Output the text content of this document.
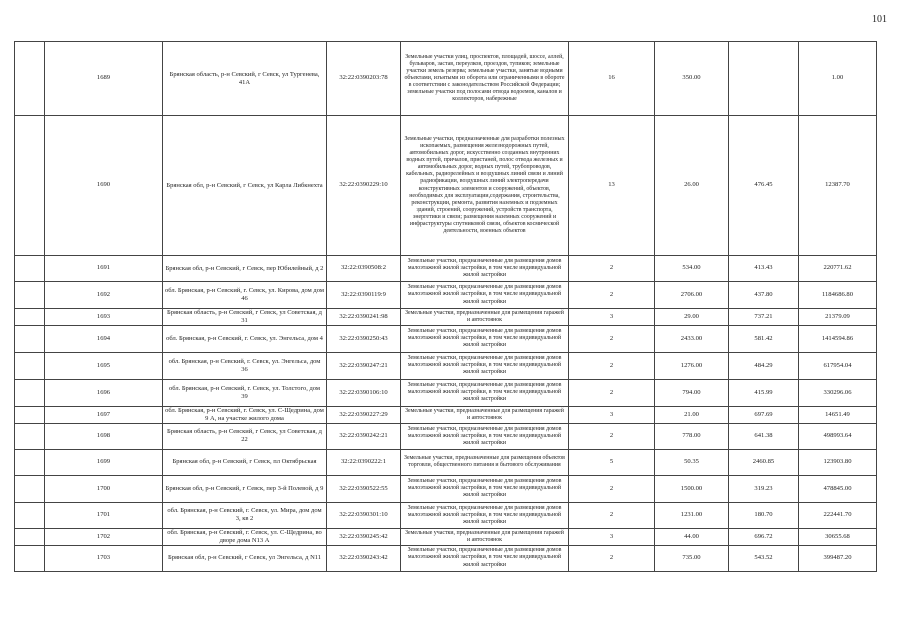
101
	1689	Брянская область, р-н Севский, г Севск, ул Тургенева, 41А	32:22:0390203:78	Земельные участки улиц, проспектов, площадей, шоссе, аллей, бульваров, застав, переулков, проездов, тупиков; земельные участки земель резерва; земельные участки, занятые водными объектами, изъятыми из оборота или ограниченными в обороте в соответствии с законодательством Российской Федерации; земельные участки под полосами отвода водоемов, каналов и коллекторов, набережные	16	350.00		1.00
	1690	Брянская обл, р-н Севский, г Севск, ул Карла Либкнехта	32:22:0390229:10	Земельные участки, предназначенные для разработки полезных ископаемых, размещения железнодорожных путей, автомобильных дорог, искусственно созданных внутренних водных путей, причалов, пристаней, полос отвода железных и автомобильных дорог, водных путей, трубопроводов, кабельных, радиорелейных и воздушных линий связи и линий радиофикации, воздушных линий электропередачи конструктивных элементов и сооружений, объектов, необходимых для эксплуатации,содержания, строительства, реконструкции, ремонта, развития наземных и подземных зданий, строений, сооружений, устройств транспорта, энергетики и связи; размещения наземных сооружений и инфраструктуры спутниковой связи, объектов космической деятельности, военных объектов	13	26.00	476.45	12387.70
	1691	Брянская обл, р-н Севский, г Севск, пер Юбилейный, д 2	32:22:0390508:2	Земельные участки, предназначенные для размещения домов малоэтажной жилой застройки, в том числе индивидуальной жилой застройки	2	534.00	413.43	220771.62
	1692	обл. Брянская, р-н Севский, г. Севск, ул. Кирова, дом дом 46	32:22:0390119:9	Земельные участки, предназначенные для размещения домов малоэтажной жилой застройки, в том числе индивидуальной жилой застройки	2	2706.00	437.80	1184686.80
	1693	Брянская область, р-н Севский, г Севск, ул Советская, д 31	32:22:0390241:98	Земельные участки, предназначенные для размещения гаражей и автостоянок	3	29.00	737.21	21379.09
	1694	обл. Брянская, р-н Севский, г. Севск, ул. Энгельса, дом 4	32:22:0390250:43	Земельные участки, предназначенные для размещения домов малоэтажной жилой застройки, в том числе индивидуальной жилой застройки	2	2433.00	581.42	1414594.86
	1695	обл. Брянская, р-н Севский, г. Севск, ул. Энгельса, дом 36	32:22:0390247:21	Земельные участки, предназначенные для размещения домов малоэтажной жилой застройки, в том числе индивидуальной жилой застройки	2	1276.00	484.29	617954.04
	1696	обл. Брянская, р-н Севский, г. Севск, ул. Толстого, дом 39	32:22:0390106:10	Земельные участки, предназначенные для размещения домов малоэтажной жилой застройки, в том числе индивидуальной жилой застройки	2	794.00	415.99	330296.06
	1697	обл. Брянская, р-н Севский, г. Севск, ул. С-Щедрина, дом 9 А, на участке жилого дома	32:22:0390227:29	Земельные участки, предназначенные для размещения гаражей и автостоянок	3	21.00	697.69	14651.49
	1698	Брянская область, р-н Севский, г Севск, ул Советская, д 22	32:22:0390242:21	Земельные участки, предназначенные для размещения домов малоэтажной жилой застройки, в том числе индивидуальной жилой застройки	2	778.00	641.38	498993.64
	1699	Брянская обл, р-н Севский, г Севск, пл Октябрьская	32:22:0390222:1	Земельные участки, предназначенные для размещения объектов торговли, общественного питания и бытового обслуживания	5	50.35	2460.85	123903.80
	1700	Брянская обл, р-н Севский, г Севск, пер 3-й Полевой, д 9	32:22:0390522:55	Земельные участки, предназначенные для размещения домов малоэтажной жилой застройки, в том числе индивидуальной жилой застройки	2	1500.00	319.23	478845.00
	1701	обл. Брянская, р-н Севский, г. Севск, ул. Мира, дом дом 3, кв 2	32:22:0390301:10	Земельные участки, предназначенные для размещения домов малоэтажной жилой застройки, в том числе индивидуальной жилой застройки	2	1231.00	180.70	222441.70
	1702	обл. Брянская, р-н Севский, г. Севск, ул. С-Щедрина, во дворе дома N13 А	32:22:0390245:42	Земельные участки, предназначенные для размещения гаражей и автостоянок	3	44.00	696.72	30655.68
	1703	Брянская обл, р-н Севский, г Севск, ул Энгельса, д N11	32:22:0390243:42	Земельные участки, предназначенные для размещения домов малоэтажной жилой застройки, в том числе индивидуальной жилой застройки	2	735.00	543.52	399487.20
